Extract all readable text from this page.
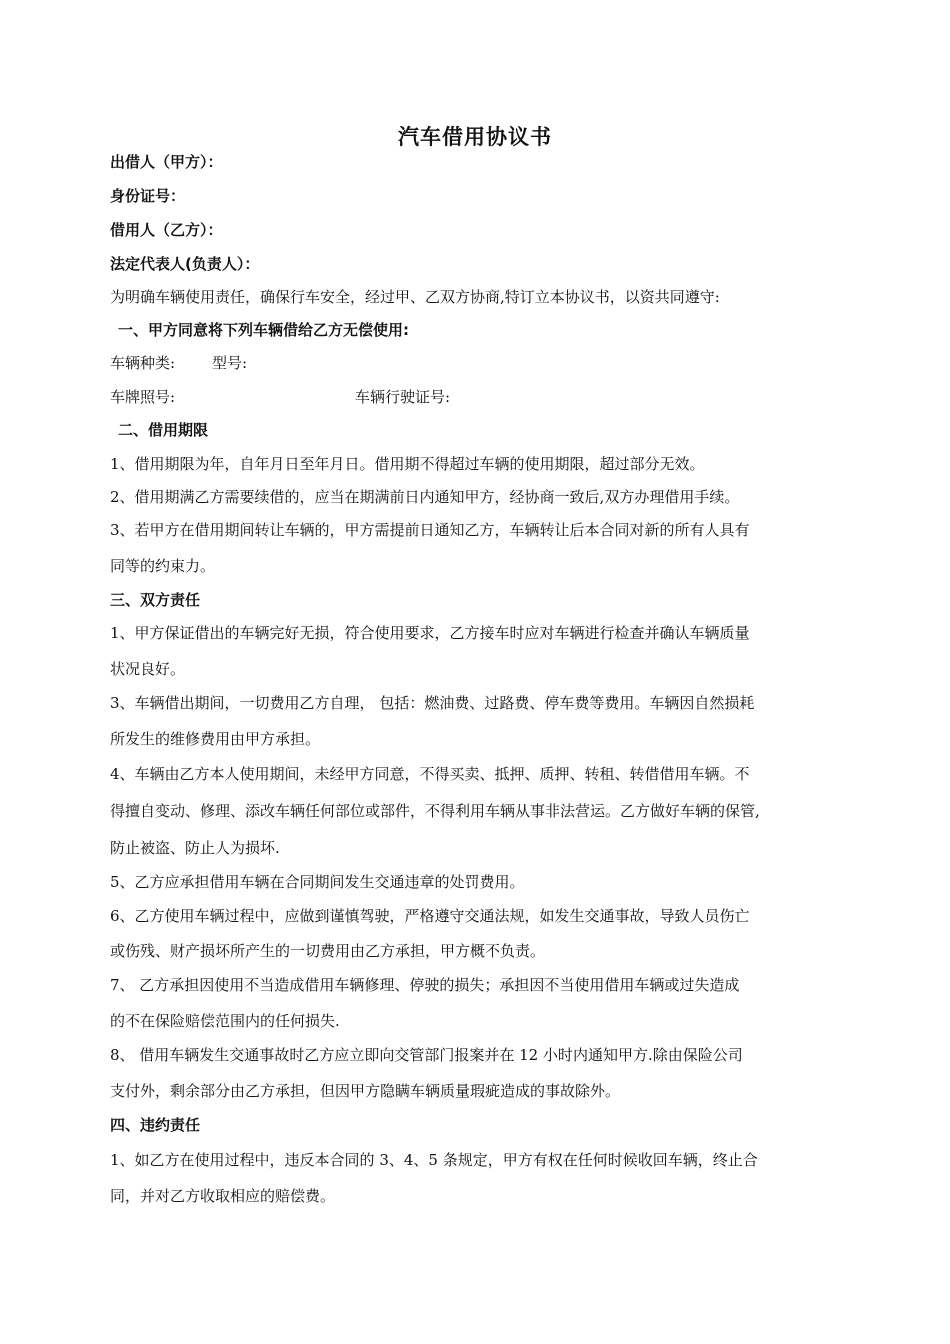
汽车借用协议书
出借人（甲方）：
身份证号：
借用人（乙方）：
法定代表人(负责人）：
为明确车辆使用责任，确保行车安全，经过甲、乙双方协商,特订立本协议书，以资共同遵守:
一、甲方同意将下列车辆借给乙方无偿使用:
车辆种类: 型号:
车牌照号:	车辆行驶证号:
二、借用期限
1、借用期限为年，自年月日至年月日。借用期不得超过车辆的使用期限，超过部分无效。
2、借用期满乙方需要续借的，应当在期满前日内通知甲方，经协商一致后,双方办理借用手续。
3、若甲方在借用期间转让车辆的，甲方需提前日通知乙方，车辆转让后本合同对新的所有人具有
同等的约束力。
三、双方责任
1、甲方保证借出的车辆完好无损，符合使用要求，乙方接车时应对车辆进行检查并确认车辆质量
状况良好。
3、车辆借出期间，一切费用乙方自理， 包括：燃油费、过路费、停车费等费用。车辆因自然损耗
所发生的维修费用由甲方承担。
4、车辆由乙方本人使用期间，未经甲方同意，不得买卖、抵押、质押、转租、转借借用车辆。不
得擅自变动、修理、添改车辆任何部位或部件，不得利用车辆从事非法营运。乙方做好车辆的保管,
防止被盗、防止人为损坏.
5、乙方应承担借用车辆在合同期间发生交通违章的处罚费用。
6、乙方使用车辆过程中，应做到谨慎驾驶，严格遵守交通法规，如发生交通事故，导致人员伤亡
或伤残、财产损坏所产生的一切费用由乙方承担，甲方概不负责。
7、 乙方承担因使用不当造成借用车辆修理、停驶的损失；承担因不当使用借用车辆或过失造成
的不在保险赔偿范围内的任何损失.
8、 借用车辆发生交通事故时乙方应立即向交管部门报案并在 12 小时内通知甲方.除由保险公司
支付外，剩余部分由乙方承担，但因甲方隐瞒车辆质量瑕疵造成的事故除外。
四、违约责任
1、如乙方在使用过程中，违反本合同的 3、4、5 条规定，甲方有权在任何时候收回车辆，终止合
同，并对乙方收取相应的赔偿费。
